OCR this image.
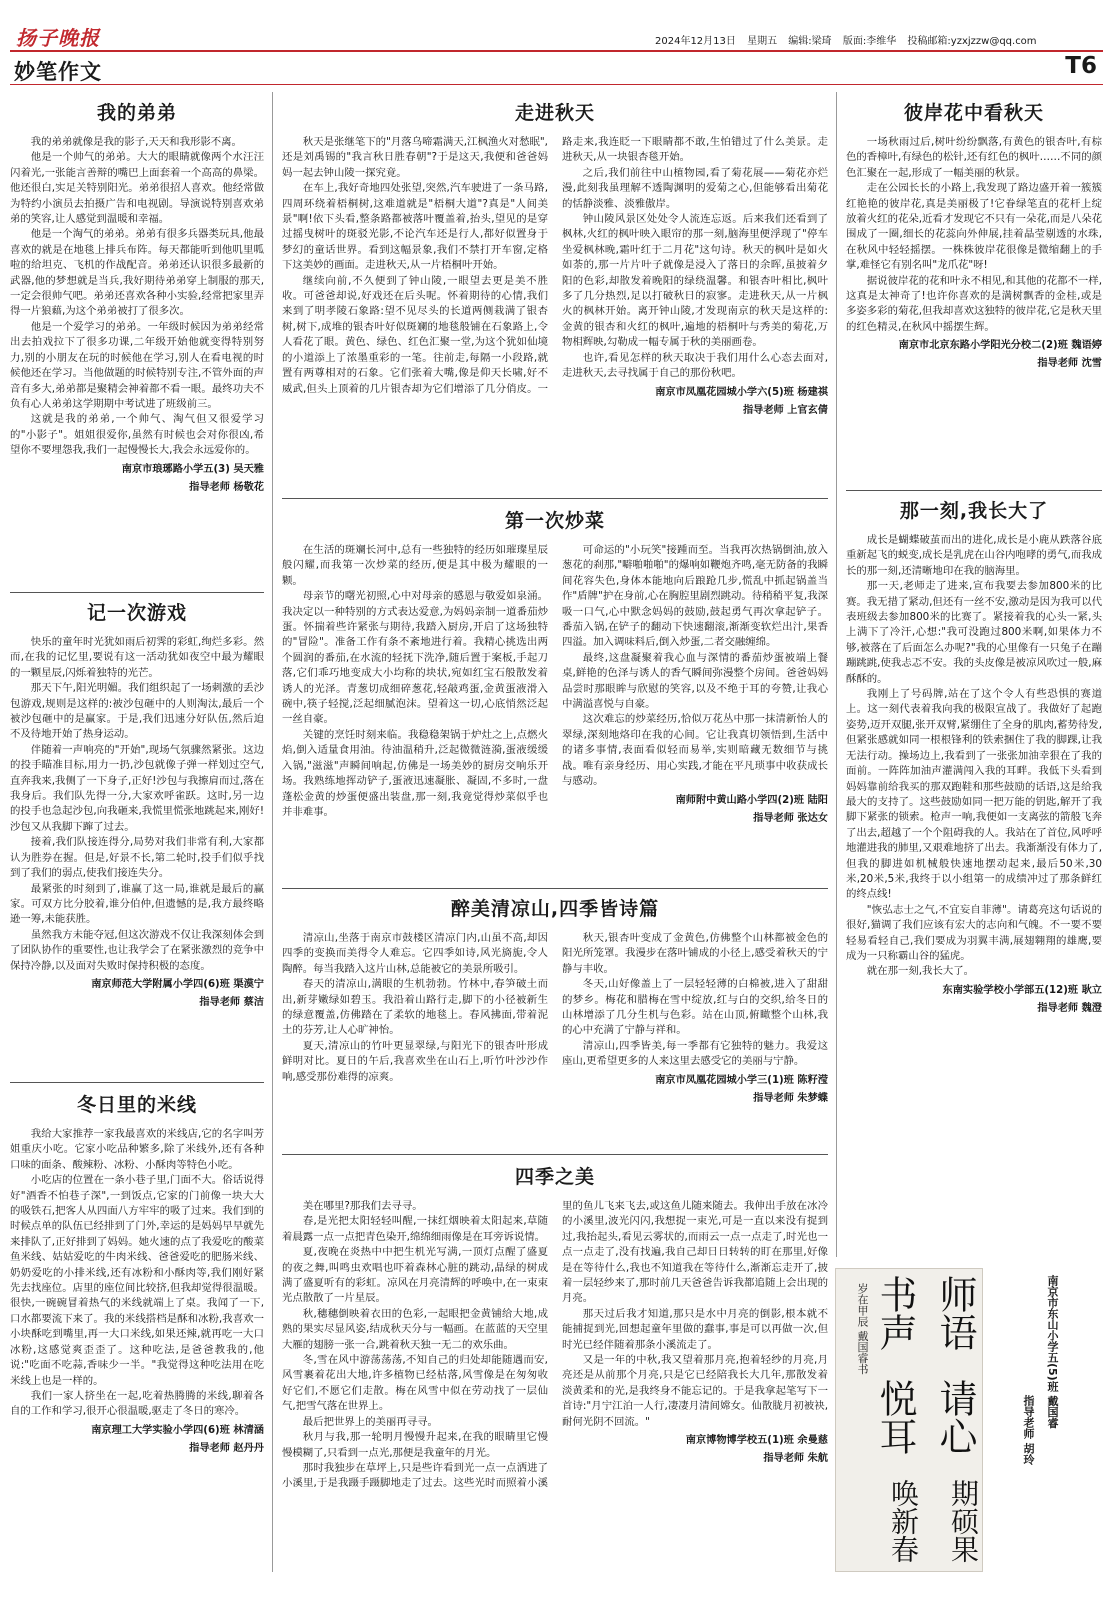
扬子晚报	2024年12月13日 星期五 编辑:梁琦 版面:李维华 投稿邮箱:yzxjzzw@qq.com
妙笔作文	T6
我的弟弟

我的弟弟就像是我的影子,天天和我形影不离。

他是一个帅气的弟弟。大大的眼睛就像两个水汪汪闪着光,一张能言善辩的嘴巴上面套着一个高高的鼻梁。他还很白,实足关特别阳光。弟弟很招人喜欢。他经常做为特约小演员去拍摄广告和电视剧。导演说特别喜欢弟弟的笑容,让人感觉到温暖和幸福。

他是一个淘气的弟弟。弟弟有很多兵器类玩具,他最喜欢的就是在地毯上排兵布阵。每天都能听到他叽里呱啦的给坦克、飞机的作战配音。弟弟还认识很多最新的武器,他的梦想就是当兵,我好期待弟弟穿上制服的那天,一定会很帅气吧。弟弟还喜欢各种小实验,经常把家里弄得一片狼藉,为这个弟弟被打了很多次。

他是一个爱学习的弟弟。一年级时候因为弟弟经常出去拍戏拉下了很多功课,二年级开始他就变得特别努力,别的小朋友在玩的时候他在学习,别人在看电视的时候他还在学习。当他做题的时候特别专注,不管外面的声音有多大,弟弟都是聚精会神着都不看一眼。最终功夫不负有心人弟弟这学期期中考试进了班级前三。

这就是我的弟弟,一个帅气、淘气但又很爱学习的"小影子"。姐姐很爱你,虽然有时候也会对你很凶,希望你不要埋怨我,我们一起慢慢长大,我会永远爱你的。

南京市琅琊路小学五(3) 吴天雅
指导老师 杨敬花
记一次游戏

快乐的童年时光犹如雨后初霁的彩虹,绚烂多彩。然而,在我的记忆里,要说有这一活动犹如夜空中最为耀眼的一颗星辰,闪烁着独特的光芒。

那天下午,阳光明媚。我们组织起了一场刺激的丢沙包游戏,规则是这样的:被沙包砸中的人则淘汰,最后一个被沙包砸中的是赢家。于是,我们迅速分好队伍,然后迫不及待地开始了热身运动。

伴随着一声响亮的"开始",现场气氛骤然紧张。这边的投手瞄准目标,用力一扔,沙包就像子弹一样划过空气,直奔我来,我侧了一下身子,正好!沙包与我擦肩而过,落在我身后。我们队先得一分,大家欢呼雀跃。这时,另一边的投手也急起沙包,向我砸来,我慌里慌张地跳起来,刚好!沙包又从我脚下蹿了过去。

接着,我们队接连得分,局势对我们非常有利,大家都认为胜券在握。但是,好景不长,第二轮时,投手们似乎找到了我们的弱点,使我们接连失分。

最紧张的时刻到了,谁赢了这一局,谁就是最后的赢家。可双方比分胶着,谁分伯仲,但遗憾的是,我方最终略逊一筹,未能获胜。

虽然我方未能夺冠,但这次游戏不仅让我深刻体会到了团队协作的重要性,也让我学会了在紧张激烈的竞争中保持冷静,以及面对失败时保持积极的态度。

南京师范大学附属小学四(6)班 渠漠宁
指导老师 蔡洁
冬日里的米线

我给大家推荐一家我最喜欢的米线店,它的名字叫芳姐重庆小吃。它家小吃品种繁多,除了米线外,还有各种口味的面条、酸辣粉、冰粉、小酥肉等特色小吃。

小吃店的位置在一条小巷子里,门面不大。俗话说得好"酒香不怕巷子深",一到饭点,它家的门前像一块大大的吸铁石,把客人从四面八方牢牢的吸了过来。我们到的时候点单的队伍已经排到了门外,幸运的是妈妈早早就先来排队了,正好排到了妈妈。她火速的点了我爱吃的酸菜鱼米线、姑姑爱吃的牛肉米线、爸爸爱吃的肥肠米线、奶奶爱吃的小排米线,还有冰粉和小酥肉等,我们刚好紧先去找座位。店里的座位间比较挤,但我却觉得很温暖。很快,一碗碗冒着热气的米线就端上了桌。我闻了一下,口水都要流下来了。我的米线搭档是酥和冰粉,我喜欢一小块酥吃到嘴里,再一大口米线,如果还辣,就再吃一大口冰粉,这感觉爽歪歪了。这种吃法,是爸爸教我的,他说:"吃面不吃蒜,香味少一半。"我觉得这种吃法用在吃米线上也是一样的。

我们一家人挤坐在一起,吃着热腾腾的米线,聊着各自的工作和学习,很开心很温暖,驱走了冬日的寒冷。

南京理工大学实验小学四(6)班 林清涵
指导老师 赵丹丹
走进秋天

秋天是张继笔下的"月落乌啼霜满天,江枫渔火对愁眠",还是刘禹锡的"我言秋日胜春朝"?于是这天,我便和爸爸妈妈一起去钟山陵一探究竟。

在车上,我好奇地四处张望,突然,汽车驶进了一条马路,四周环绕着梧桐树,这难道就是"梧桐大道"?真是"人间美景"啊!依下头看,整条路都被落叶覆盖着,抬头,望见的是穿过摇曳树叶的斑驳光影,不论汽车还是行人,都好似置身于梦幻的童话世界。看到这幅景象,我们不禁打开车窗,定格下这美妙的画面。走进秋天,从一片梧桐叶开始。

继续向前,不久便到了钟山陵,一眼望去更是美不胜收。可爸爸却说,好戏还在后头呢。怀着期待的心情,我们来到了明孝陵石象路:望不见尽头的长道两侧栽满了银杏树,树下,成堆的银杏叶好似斑斓的地毯般铺在石象路上,令人看花了眼。黄色、绿色、红色汇聚一堂,为这个犹如仙境的小道添上了浓墨重彩的一笔。往前走,每隔一小段路,就置有两尊相对的石象。它们张着大嘴,像是仰天长啸,好不威武,但头上顶着的几片银杏却为它们增添了几分俏皮。一路走来,我连眨一下眼睛都不敢,生怕错过了什么美景。走进秋天,从一块银杏毯开始。

之后,我们前往中山植物园,看了菊花展——菊花亦烂漫,此刻我虽理解不透陶渊明的爱菊之心,但能够看出菊花的恬静淡雅、淡雅傲岸。

钟山陵风景区处处令人流连忘返。后来我们还看到了枫林,火红的枫叶映入眼帘的那一刻,脑海里便浮现了"停车坐爱枫林晚,霜叶红于二月花"这句诗。秋天的枫叶是如火如荼的,那一片片叶子就像是浸入了落日的余晖,虽披着夕阳的色彩,却散发着晚阳的绿绕温馨。和银杏叶相比,枫叶多了几分热烈,足以打破秋日的寂寥。走进秋天,从一片枫火的枫林开始。离开钟山陵,才发现南京的秋天是这样的:金黄的银杏和火红的枫叶,遍地的梧桐叶与秀美的菊花,万物相辉映,勾勒成一幅专属于秋的美丽画卷。

也许,看见怎样的秋天取决于我们用什么心态去面对,走进秋天,去寻找属于自己的那份秋吧。

南京市凤凰花园城小学六(5)班 杨建祺
指导老师 上官玄倩
第一次炒菜

在生活的斑斓长河中,总有一些独特的经历如璀璨星辰般闪耀,而我第一次炒菜的经历,便是其中极为耀眼的一颗。

母亲节的曙光初照,心中对母亲的感恩与敬爱如泉涌。我决定以一种特别的方式表达爱意,为妈妈亲制一道番茄炒蛋。怀揣着些许紧张与期待,我踏入厨房,开启了这场独特的"冒险"。准备工作有条不紊地进行着。我精心挑选出两个圆润的番茄,在水流的轻抚下洗净,随后置于案板,手起刀落,它们乖巧地变成大小均称的块状,宛如红宝石般散发着诱人的光泽。青葱切成细碎葱花,轻敲鸡蛋,金黄蛋液滑入碗中,筷子轻搅,泛起细腻泡沫。望着这一切,心底悄然泛起一丝自豪。

关键的烹饪时刻来临。我稳稳架锅于炉灶之上,点燃火焰,倒入适量食用油。待油温稍升,泛起微微涟漪,蛋液缓缓入锅,"滋滋"声瞬间响起,仿佛是一场美妙的厨房交响乐开场。我熟练地挥动铲子,蛋液迅速凝胀、凝固,不多时,一盘蓬松金黄的炒蛋便盛出装盘,那一刻,我竟觉得炒菜似乎也并非难事。

可命运的"小玩笑"接踵而至。当我再次热锅倒油,放入葱花的刹那,"噼啪啪啪"的爆响如鞭炮齐鸣,毫无防备的我瞬间花容失色,身体本能地向后踉跄几步,慌乱中抓起锅盖当作"盾牌"护在身前,心在胸腔里剧烈跳动。待稍稍平复,我深吸一口气,心中默念妈妈的鼓励,鼓起勇气再次拿起铲子。番茄入锅,在铲子的翻动下快速翻滚,渐渐变软烂出汁,果香四溢。加入调味料后,倒入炒蛋,二者交融缠绵。

最终,这盘凝聚着我心血与深情的番茄炒蛋被端上餐桌,鲜艳的色泽与诱人的香气瞬间弥漫整个房间。爸爸妈妈品尝时那眼眸与欣慰的笑容,以及不绝于耳的夸赞,让我心中满溢喜悦与自豪。

这次难忘的炒菜经历,恰似万花丛中那一抹清新怡人的翠绿,深刻地烙印在我的心间。它让我真切领悟到,生活中的诸多事情,表面看似轻而易举,实则暗藏无数细节与挑战。唯有亲身经历、用心实践,才能在平凡琐事中收获成长与感动。

南师附中黄山路小学四(2)班 陆阳
指导老师 张达女
醉美清凉山,四季皆诗篇

清凉山,坐落于南京市鼓楼区清凉门内,山虽不高,却因四季的变换而美得令人难忘。它四季如诗,风光旖旎,令人陶醉。每当我踏入这片山林,总能被它的美景所吸引。

春天的清凉山,满眼的生机勃勃。竹林中,春笋破土而出,新芽嫩绿如碧玉。我沿着山路行走,脚下的小径被新生的绿意覆盖,仿佛踏在了柔软的地毯上。春风拂面,带着泥土的芬芳,让人心旷神怡。

夏天,清凉山的竹叶更显翠绿,与阳光下的银杏叶形成鲜明对比。夏日的午后,我喜欢坐在山石上,听竹叶沙沙作响,感受那份难得的凉爽。

秋天,银杏叶变成了金黄色,仿佛整个山林都被金色的阳光所笼罩。我漫步在落叶铺成的小径上,感受着秋天的宁静与丰收。

冬天,山好像盖上了一层轻轻薄的白棉被,进入了甜甜的梦乡。梅花和腊梅在雪中绽放,红与白的交织,给冬日的山林增添了几分生机与色彩。站在山顶,俯瞰整个山林,我的心中充满了宁静与祥和。

清凉山,四季皆美,每一季都有它独特的魅力。我爱这座山,更希望更多的人来这里去感受它的美丽与宁静。

南京市凤凰花园城小学三(1)班 陈籽滢
指导老师 朱梦蝶
四季之美

美在哪里?那我们去寻寻。

春,是光把太阳轻轻叫醒,一抹红烟映着太阳起来,草随着晨露一点一点把青色染开,绵绵细雨像是在耳旁诉说情。

夏,夜晚在炎热中中把生机光写满,一顶灯点醒了盛夏的夜之舞,叫鸣虫欢唱也吓着森林心脏的跳动,晶绿的树成满了盛夏听有的彩虹。凉风在月亮清辉的呼唤中,在一束束光点散散了一片星辰。

秋,穗穗倒映着衣田的色彩,一起眼把金黄铺给大地,成熟的果实尽显风姿,结成秋天分与一幅画。在蓝蓝的天空里大雁的翅膀一张一合,跳着秋天独一无二的欢乐曲。

冬,雪在风中游荡荡荡,不知自己的归处却能随遇而安,风雪裹着花出大地,许多植物已经枯落,风雪像是在匆匆收好它们,不愿它们走散。梅在风雪中似在劳动找了一层仙气,把雪气落在世界上。

最后把世界上的美丽再寻寻。

秋月与我,那一轮明月慢慢升起来,在我的眼睛里它慢慢模糊了,只看到一点光,那便是我童年的月光。

那时我独步在草坪上,只是些许看到光一点一点洒进了小溪里,于是我蹑手蹑脚地走了过去。这些光时而照着小溪里的鱼儿飞来飞去,或这鱼儿随来随去。我伸出手放在冰冷的小溪里,波光闪闪,我想捉一束光,可是一直以来没有捉到过,我抬起头,看见云雾状的,而雨云一点一点走了,时光也一点一点走了,没有找遍,我自己却日日转转的盯在那里,好像是在等待什么,我也不知道我在等待什么,渐渐忘走开了,披着一层轻纱来了,那时前几天爸爸告诉我都追随上会出现的月亮。

那天过后我才知道,那只是水中月亮的倒影,根本就不能捕捉到光,回想起童年里做的蠢事,事是可以再做一次,但时光已经伴随着那条小溪流走了。

又是一年的中秋,我又望着那月亮,抱着轻纱的月亮,月亮还是从前那个月亮,只是它已经陪我长大几年,那散发着淡黄柔和的光,是我终身不能忘记的。于是我拿起笔写下一首诗:"月宁江泊一人行,凄凄月清间嫦女。仙散胧月初被袂,耐何光阴不回流。"

南京博物博学校五(1)班 余曼慈
指导老师 朱航
彼岸花中看秋天

一场秋雨过后,树叶纷纷飘落,有黄色的银杏叶,有棕色的香樟叶,有绿色的松针,还有红色的枫叶……不同的颜色汇聚在一起,形成了一幅美丽的秋景。

走在公园长长的小路上,我发现了路边盛开着一簇簇红艳艳的彼岸花,真是美丽极了!它眷绿笔直的花杆上绽放着火红的花朵,近看才发现它不只有一朵花,而是八朵花围成了一圈,细长的花蕊向外伸展,挂着晶莹剔透的水珠,在秋风中轻轻摇摆。一株株彼岸花很像是微缩翻上的手掌,难怪它有别名叫"龙爪花"呀!

据说彼岸花的花和叶永不相见,和其他的花都不一样,这真是太神奇了!也许你喜欢的是满树飘香的金桂,或是多姿多彩的菊花,但我却喜欢这独特的彼岸花,它是秋天里的红色精灵,在秋风中摇摆生辉。

南京市北京东路小学阳光分校二(2)班 魏语婷
指导老师 沈雪
那一刻,我长大了

成长是蝴蝶破茧而出的进化,成长是小鹿从跌落谷底重新起飞的蜕变,成长是乳虎在山谷内咆哮的勇气,而我成长的那一刻,还清晰地印在我的脑海里。

那一天,老师走了进来,宣布我要去参加800米的比赛。我无措了紧动,但还有一丝不安,激动是因为我可以代表班级去参加800米的比赛了。紧接着我的心头一紧,头上满下了冷汗,心想:"我可没跑过800米啊,如果体力不够,被落在了后面怎么办呢?"我的心里像有一只兔子在蹦蹦跳跳,使我忐忑不安。我的头皮像是被凉风吹过一般,麻酥酥的。

我刚上了号码牌,站在了这个令人有些恐惧的赛道上。这一刻代表着我向我的极限宣战了。我做好了起跑姿势,迈开双腿,张开双臂,紧绷住了全身的肌肉,蓄势待发,但紧张感就如同一根根锋利的铁索捆住了我的脚踝,让我无法行动。操场边上,我看到了一张张加油幸狠在了我的面前。一阵阵加油声灌满闯入我的耳畔。我低下头看到妈妈靠前给我买的那双跑鞋和那些鼓励的话语,这是给我最大的支持了。这些鼓励如同一把万能的钥匙,解开了我脚下紧张的锁索。枪声一响,我便如一支离弦的箭般飞奔了出去,超越了一个个阻碍我的人。我站在了首位,风呼呼地灌进我的肺里,又艰难地挤了出去。我渐渐没有体力了,但我的脚进如机械般快速地摆动起来,最后50米,30米,20米,5米,我终于以小组第一的成绩冲过了那条鲜红的终点线!

"恢弘志士之气,不宜妄自菲薄"。请葛亮这句话说的很好,猫调了我们应该有宏大的志向和气魄。不一要不要轻易看轻自己,我们要成为羽翼丰满,展翅翱翔的雄鹰,要成为一只称霸山谷的猛虎。

就在那一刻,我长大了。

东南实验学校小学部五(12)班 耿立
指导老师 魏澄
师语
请心
期硕果
书声
悦耳
唤新春
岁在甲辰 戴国睿书	南京市东山小学五(5)班 戴国睿
指导老师 胡玲
